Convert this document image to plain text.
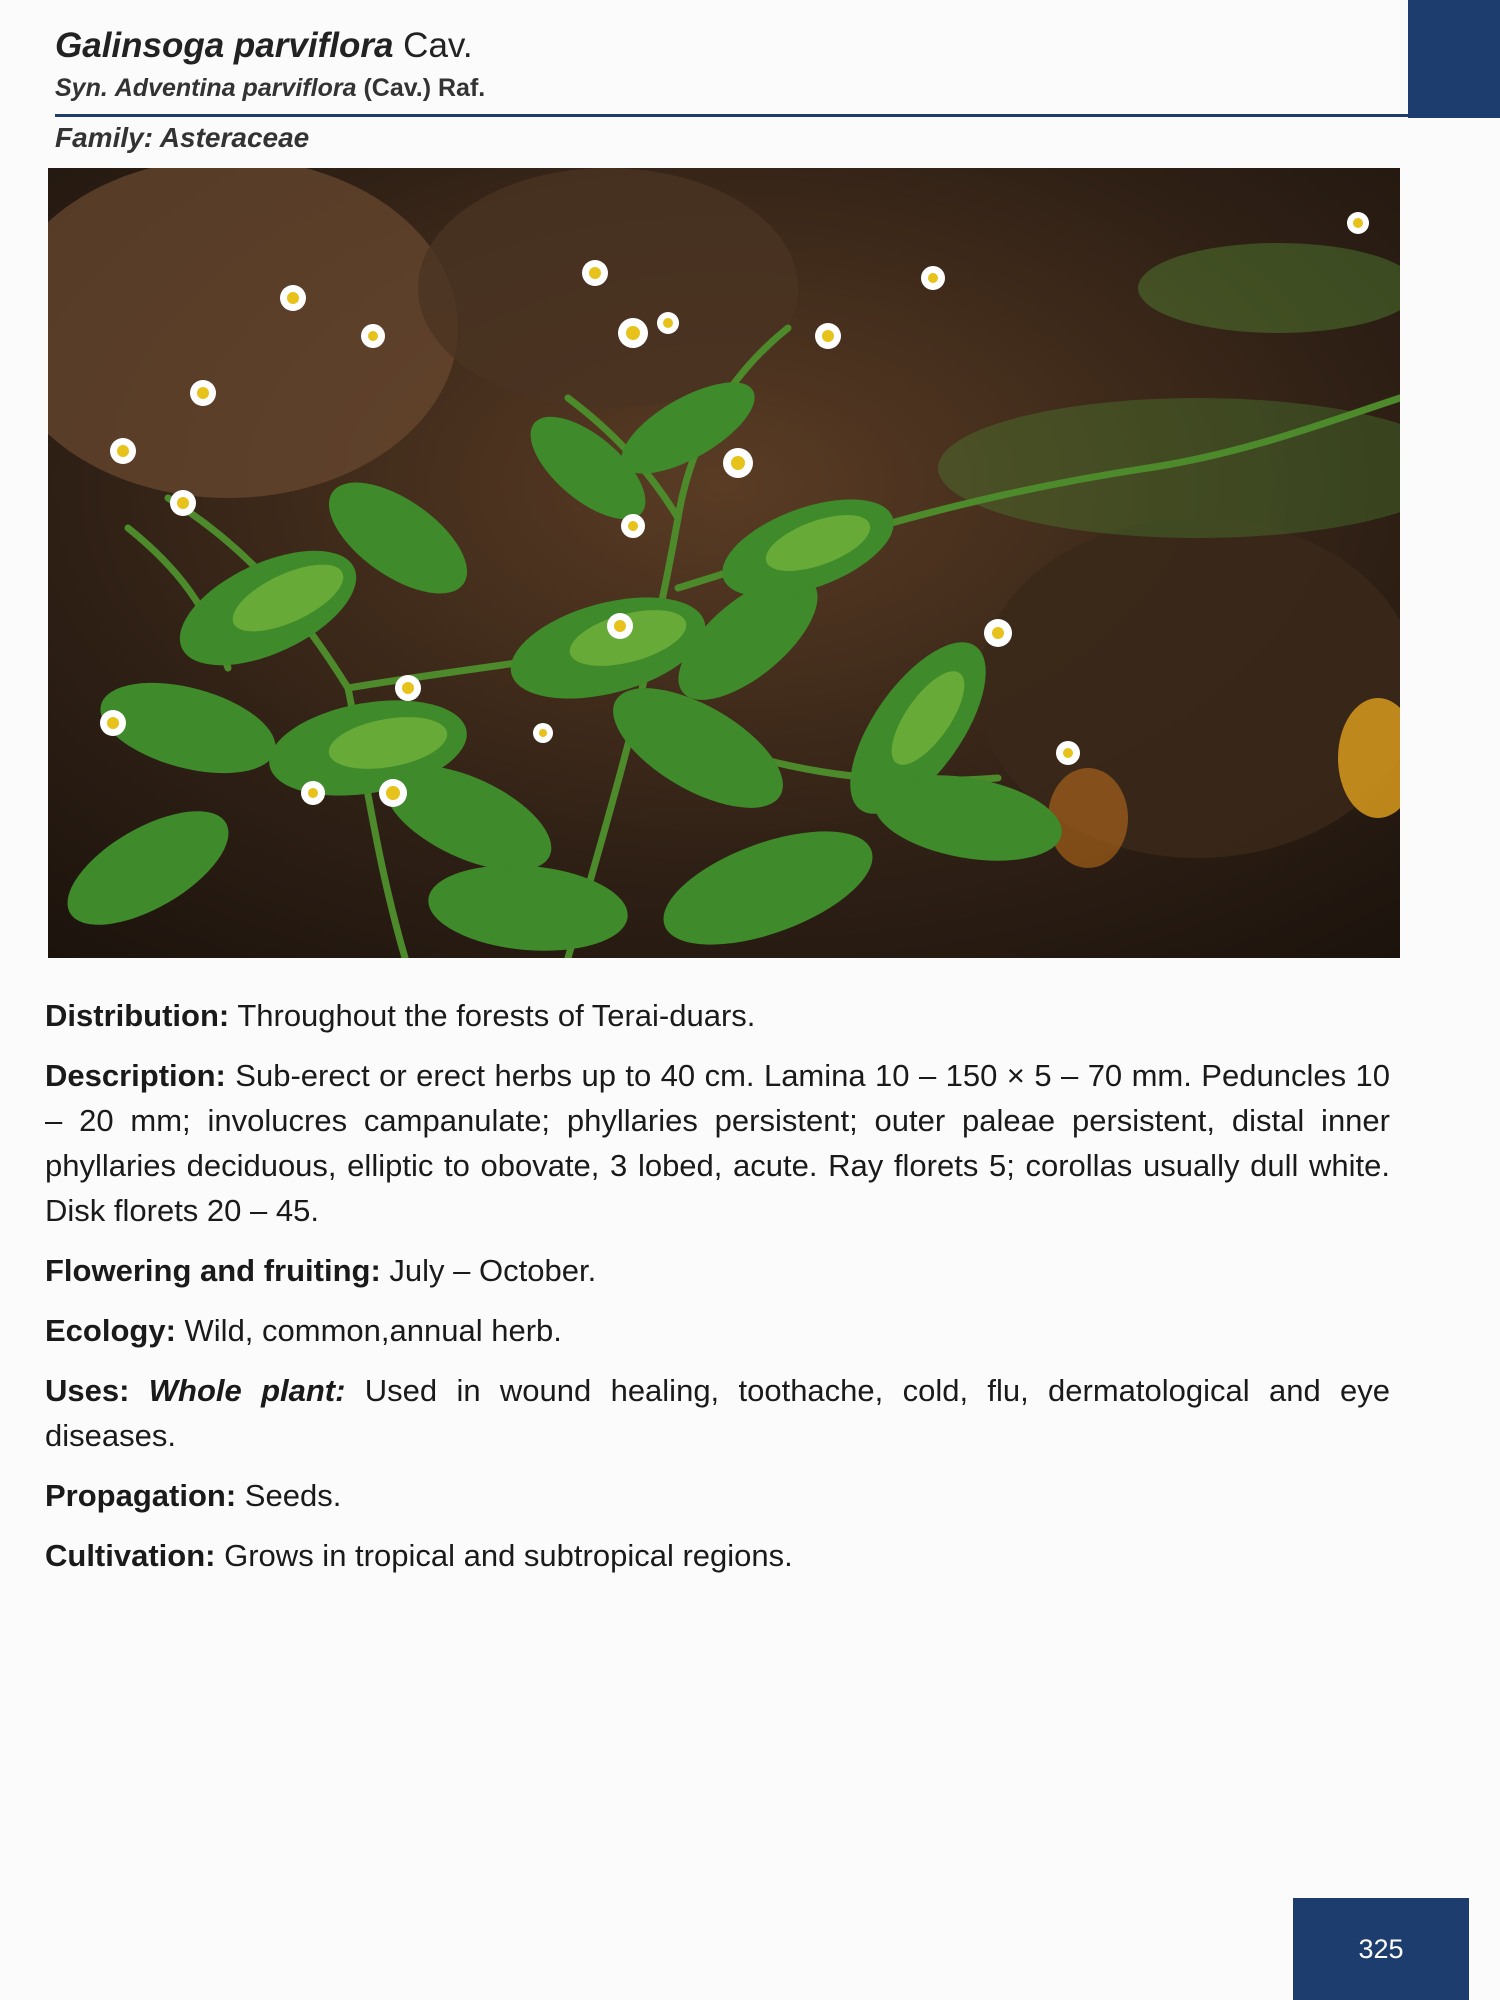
Galinsoga parviflora Cav.
Syn. Adventina parviflora (Cav.) Raf.
Family: Asteraceae

Distribution: Throughout the forests of Terai-duars.

Description: Sub-erect or erect herbs up to 40 cm. Lamina 10 – 150 × 5 – 70 mm. Peduncles 10 – 20 mm; involucres campanulate; phyllaries persistent; outer paleae persistent, distal inner phyllaries deciduous, elliptic to obovate, 3 lobed, acute. Ray florets 5; corollas usually dull white. Disk florets 20 – 45.

Flowering and fruiting: July – October.

Ecology: Wild, common,annual herb.

Uses: Whole plant: Used in wound healing, toothache, cold, flu, dermatological and eye diseases.

Propagation: Seeds.

Cultivation: Grows in tropical and subtropical regions.

325
